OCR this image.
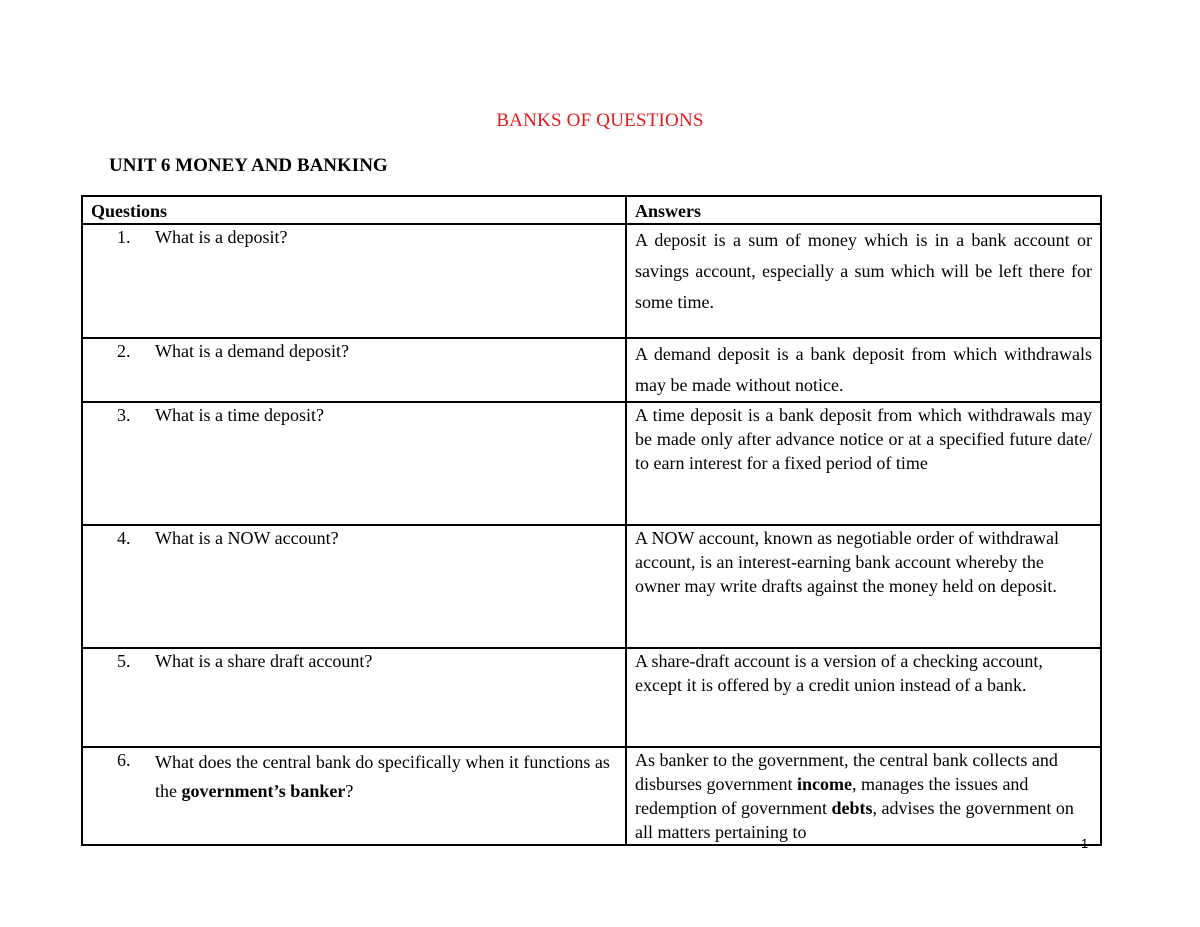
BANKS OF QUESTIONS
UNIT 6 MONEY AND BANKING
Questions	Answers

1. What is a deposit?	A deposit is a sum of money which is in a bank account or savings account, especially a sum which will be left there for some time.

2. What is a demand deposit?	A demand deposit is a bank deposit from which withdrawals may be made without notice.

3. What is a time deposit?	A time deposit is a bank deposit from which withdrawals may be made only after advance notice or at a specified future date/ to earn interest for a fixed period of time

4. What is a NOW account?	A NOW account, known as negotiable order of withdrawal account, is an interest-earning bank account whereby the owner may write drafts against the money held on deposit.

5. What is a share draft account?	A share-draft account is a version of a checking account, except it is offered by a credit union instead of a bank.

6. What does the central bank do specifically when it functions as the government’s banker?	As banker to the government, the central bank collects and disburses government income, manages the issues and redemption of government debts, advises the government on all matters pertaining to
1
